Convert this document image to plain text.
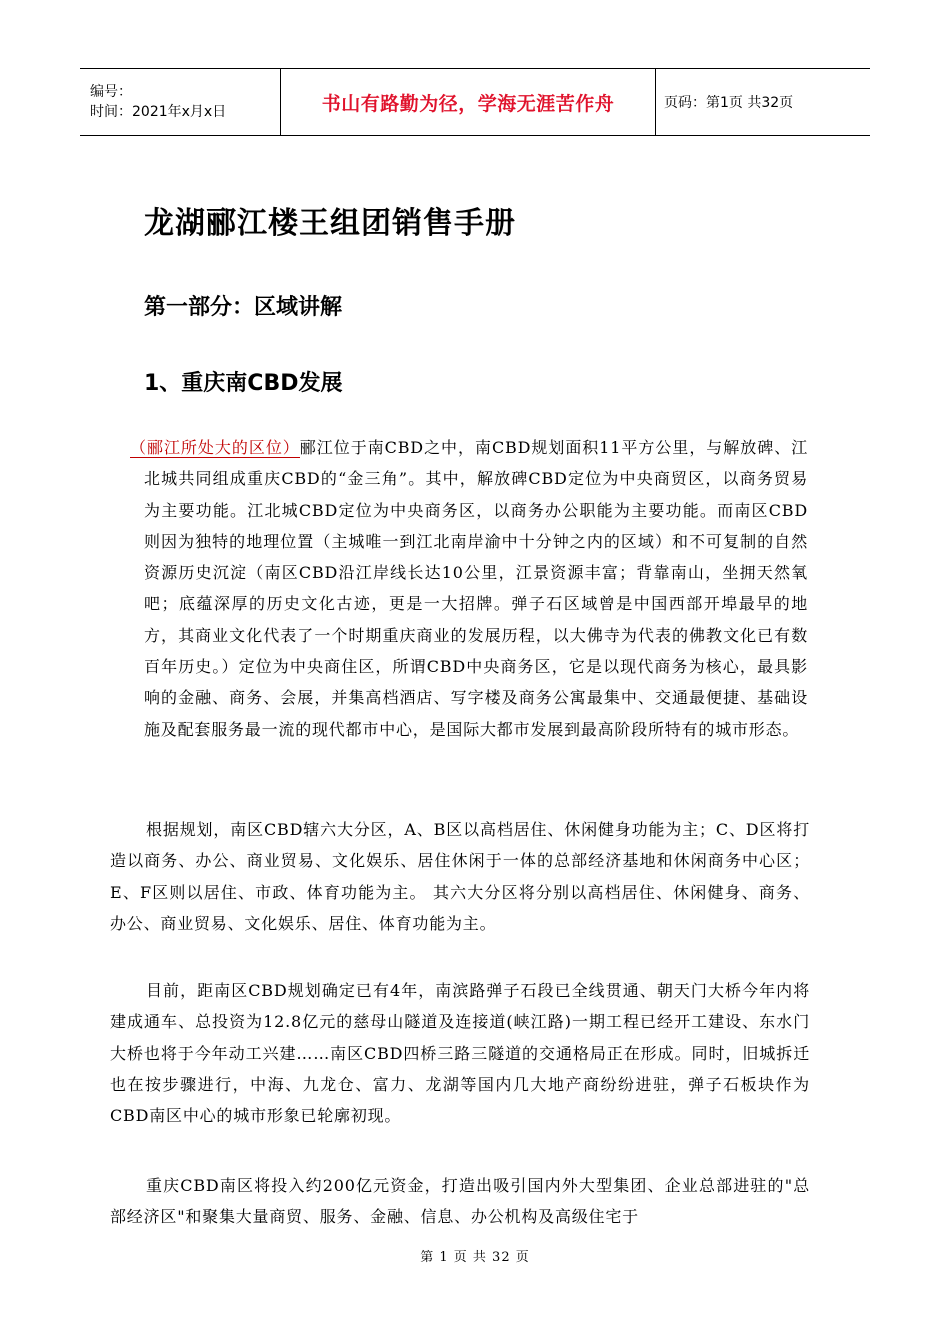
编号：
时间：2021年x月x日	书山有路勤为径，学海无涯苦作舟	页码：第1页 共32页
龙湖郦江楼王组团销售手册
第一部分：区域讲解
1、重庆南CBD发展

（郦江所处大的区位）郦江位于南CBD之中，南CBD规划面积11平方公里，与解放碑、江北城共同组成重庆CBD的“金三角”。其中，解放碑CBD定位为中央商贸区，以商务贸易为主要功能。江北城CBD定位为中央商务区，以商务办公职能为主要功能。而南区CBD则因为独特的地理位置（主城唯一到江北南岸渝中十分钟之内的区域）和不可复制的自然资源历史沉淀（南区CBD沿江岸线长达10公里，江景资源丰富；背靠南山，坐拥天然氧吧；底蕴深厚的历史文化古迹，更是一大招牌。弹子石区域曾是中国西部开埠最早的地方，其商业文化代表了一个时期重庆商业的发展历程，以大佛寺为代表的佛教文化已有数百年历史。）定位为中央商住区，所谓CBD中央商务区，它是以现代商务为核心，最具影响的金融、商务、会展，并集高档酒店、写字楼及商务公寓最集中、交通最便捷、基础设施及配套服务最一流的现代都市中心，是国际大都市发展到最高阶段所特有的城市形态。

根据规划，南区CBD辖六大分区，A、B区以高档居住、休闲健身功能为主；C、D区将打造以商务、办公、商业贸易、文化娱乐、居住休闲于一体的总部经济基地和休闲商务中心区；E、F区则以居住、市政、体育功能为主。 其六大分区将分别以高档居住、休闲健身、商务、办公、商业贸易、文化娱乐、居住、体育功能为主。

目前，距南区CBD规划确定已有4年，南滨路弹子石段已全线贯通、朝天门大桥今年内将建成通车、总投资为12.8亿元的慈母山隧道及连接道(峡江路)一期工程已经开工建设、东水门大桥也将于今年动工兴建……南区CBD四桥三路三隧道的交通格局正在形成。同时，旧城拆迁也在按步骤进行，中海、九龙仓、富力、龙湖等国内几大地产商纷纷进驻，弹子石板块作为CBD南区中心的城市形象已轮廓初现。

重庆CBD南区将投入约200亿元资金，打造出吸引国内外大型集团、企业总部进驻的"总部经济区"和聚集大量商贸、服务、金融、信息、办公机构及高级住宅于

第 1 页 共 32 页
